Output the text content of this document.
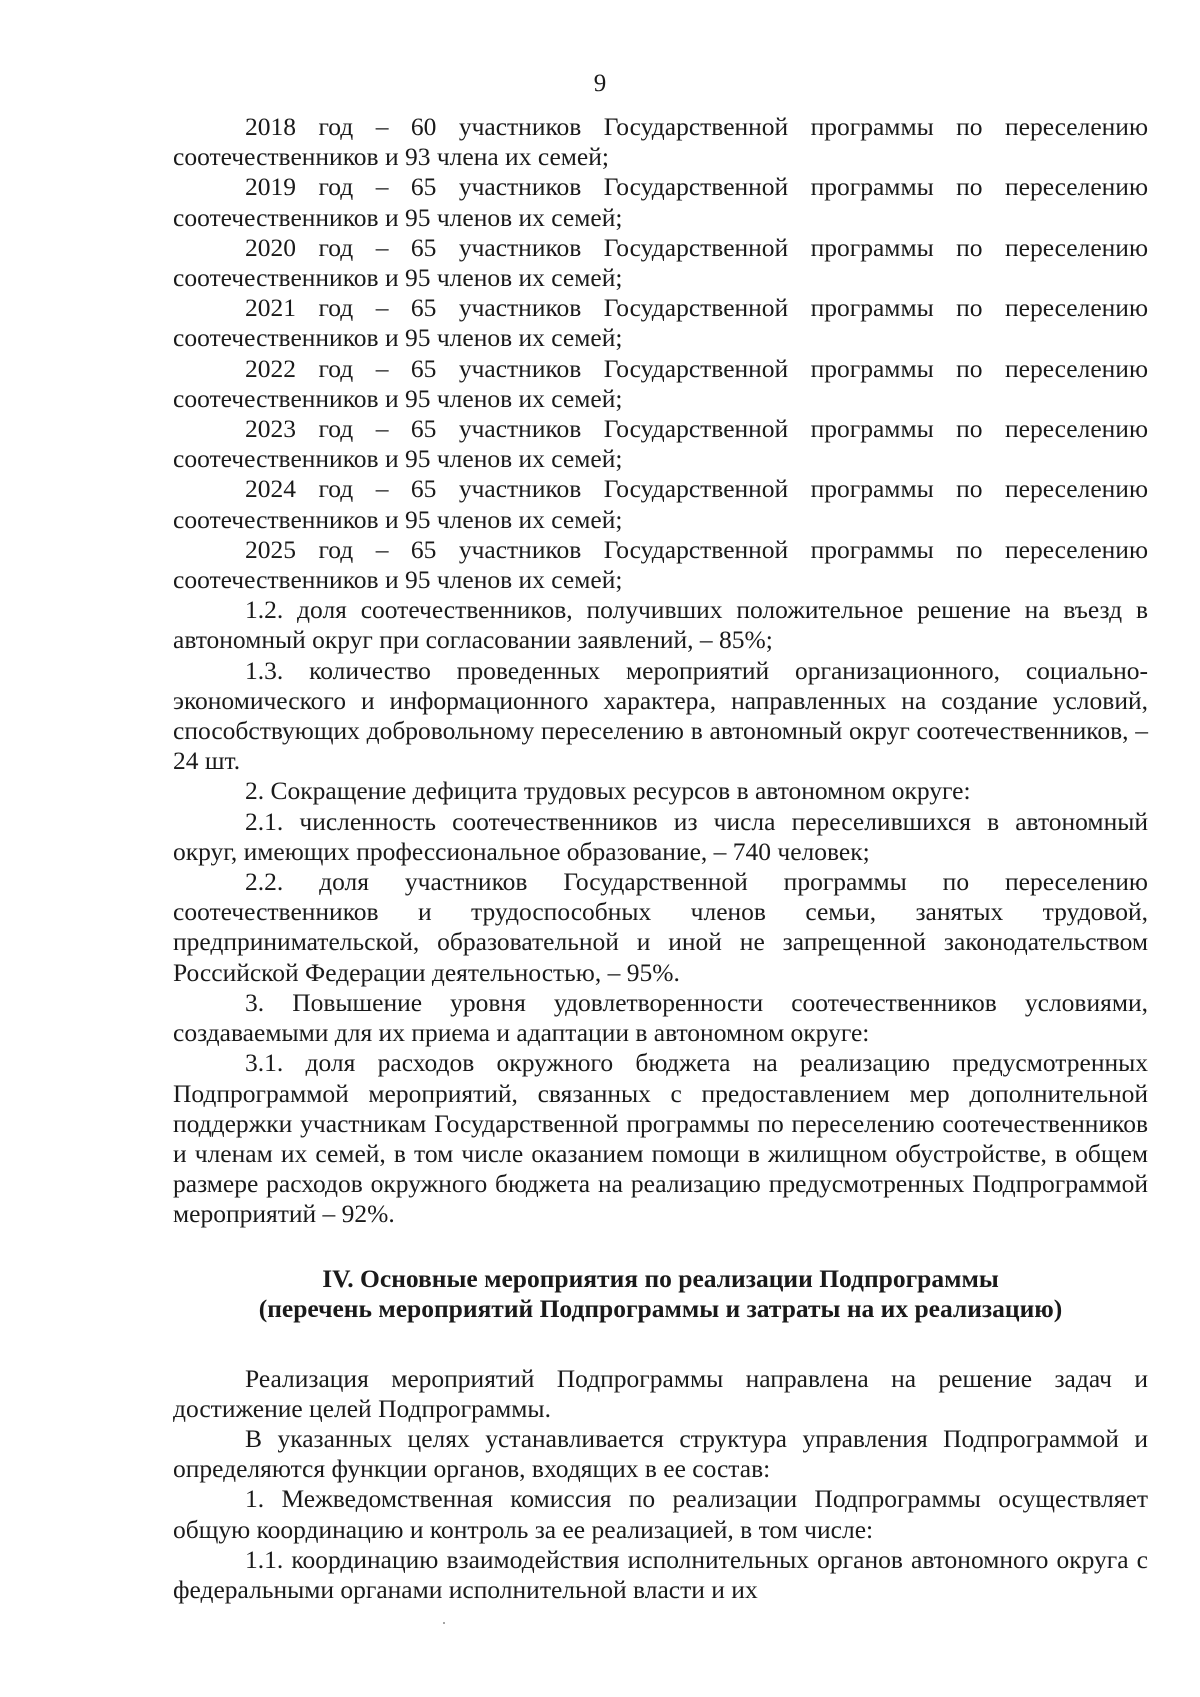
9

2018 год – 60 участников Государственной программы по переселению соотечественников и 93 члена их семей;

2019 год – 65 участников Государственной программы по переселению соотечественников и 95 членов их семей;

2020 год – 65 участников Государственной программы по переселению соотечественников и 95 членов их семей;

2021 год – 65 участников Государственной программы по переселению соотечественников и 95 членов их семей;

2022 год – 65 участников Государственной программы по переселению соотечественников и 95 членов их семей;

2023 год – 65 участников Государственной программы по переселению соотечественников и 95 членов их семей;

2024 год – 65 участников Государственной программы по переселению соотечественников и 95 членов их семей;

2025 год – 65 участников Государственной программы по переселению соотечественников и 95 членов их семей;

1.2. доля соотечественников, получивших положительное решение на въезд в автономный округ при согласовании заявлений, – 85%;

1.3. количество проведенных мероприятий организационного, социально-экономического и информационного характера, направленных на создание условий, способствующих добровольному переселению в автономный округ соотечественников, – 24 шт.

2. Сокращение дефицита трудовых ресурсов в автономном округе:

2.1. численность соотечественников из числа переселившихся в автономный округ, имеющих профессиональное образование, – 740 человек;

2.2. доля участников Государственной программы по переселению соотечественников и трудоспособных членов семьи, занятых трудовой, предпринимательской, образовательной и иной не запрещенной законодательством Российской Федерации деятельностью, – 95%.

3. Повышение уровня удовлетворенности соотечественников условиями, создаваемыми для их приема и адаптации в автономном округе:

3.1. доля расходов окружного бюджета на реализацию предусмотренных Подпрограммой мероприятий, связанных с предоставлением мер дополнительной поддержки участникам Государственной программы по переселению соотечественников и членам их семей, в том числе оказанием помощи в жилищном обустройстве, в общем размере расходов окружного бюджета на реализацию предусмотренных Подпрограммой мероприятий – 92%.

IV. Основные мероприятия по реализации Подпрограммы

(перечень мероприятий Подпрограммы и затраты на их реализацию)

Реализация мероприятий Подпрограммы направлена на решение задач и достижение целей Подпрограммы.

В указанных целях устанавливается структура управления Подпрограммой и определяются функции органов, входящих в ее состав:

1. Межведомственная комиссия по реализации Подпрограммы осуществляет общую координацию и контроль за ее реализацией, в том числе:

1.1. координацию взаимодействия исполнительных органов автономного округа с федеральными органами исполнительной власти и их
